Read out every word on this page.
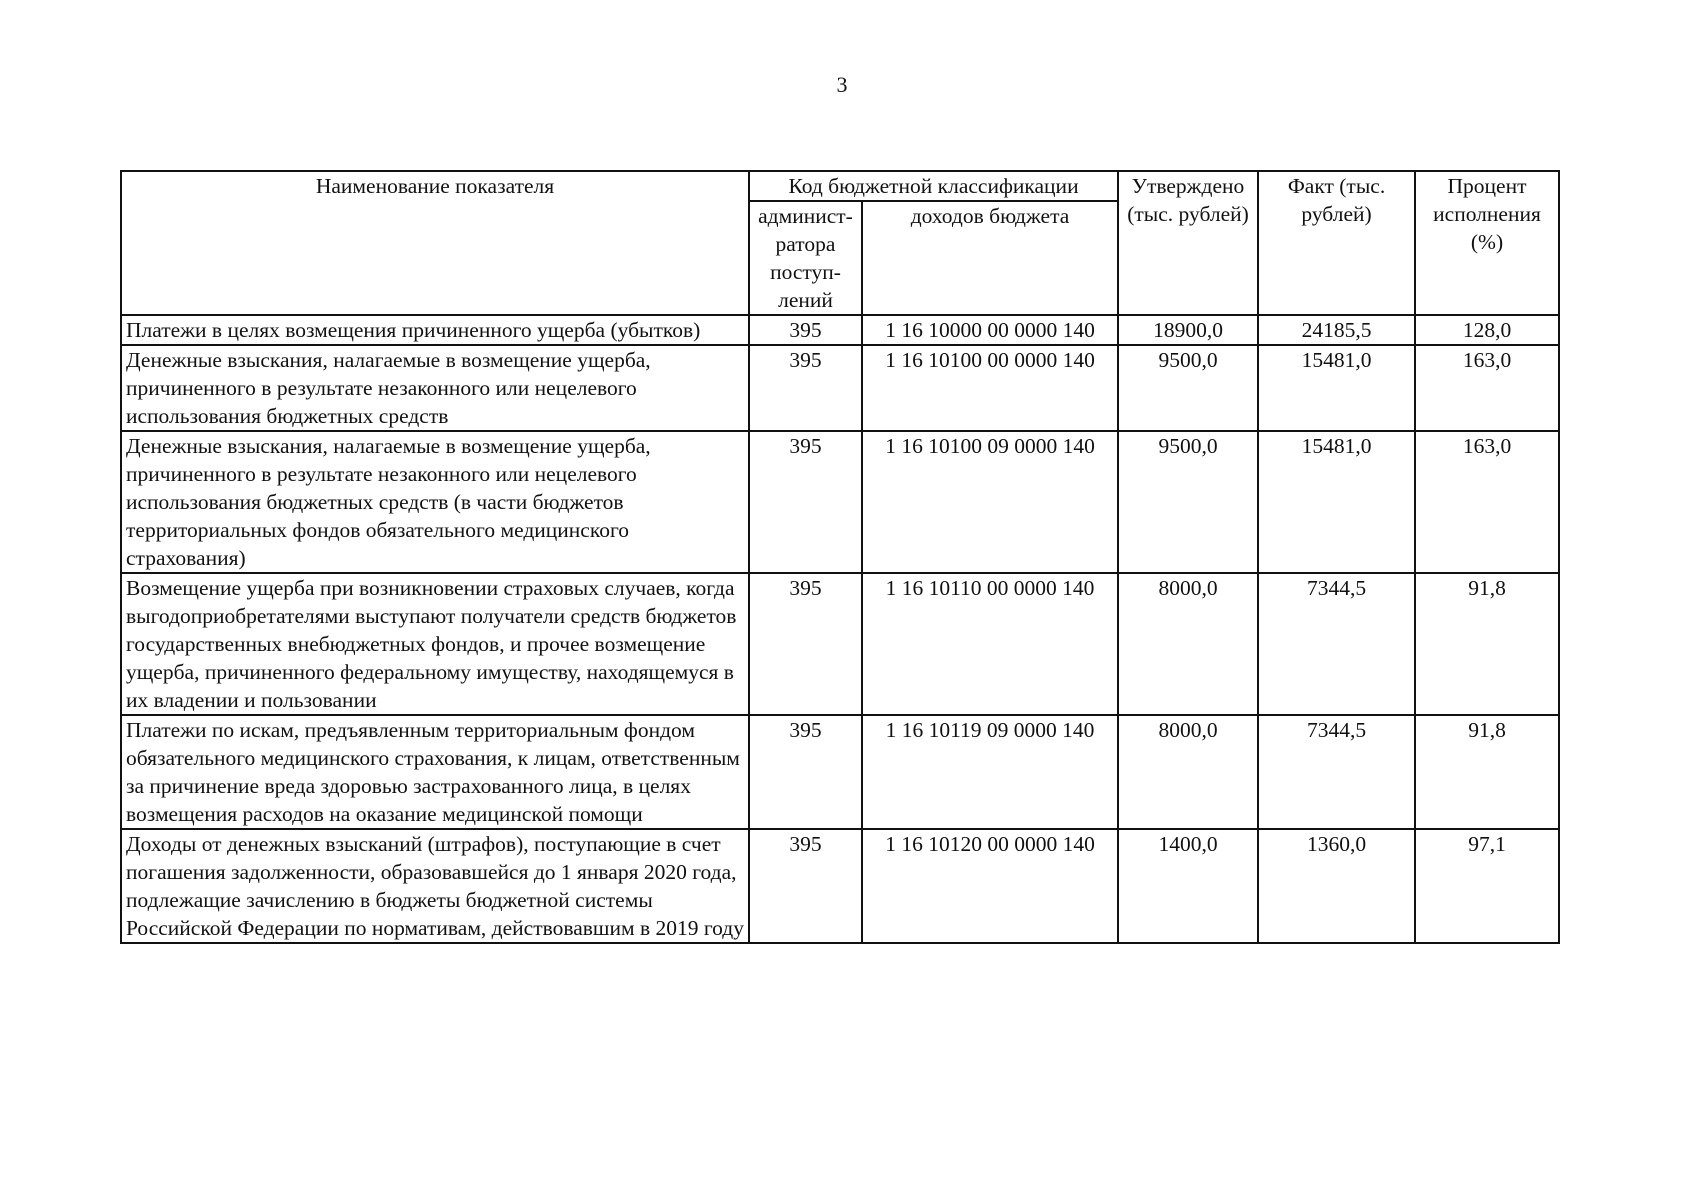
3
Наименование показателя	Код бюджетной классификации		Утверждено (тыс. рублей)	Факт (тыс. рублей)	Процент исполнения (%)
	админист-ратора поступ-лений	доходов бюджета			
Платежи в целях возмещения причиненного ущерба (убытков)	395	1 16 10000 00 0000 140	18900,0	24185,5	128,0
Денежные взыскания, налагаемые в возмещение ущерба, причиненного в результате незаконного или нецелевого использования бюджетных средств	395	1 16 10100 00 0000 140	9500,0	15481,0	163,0
Денежные взыскания, налагаемые в возмещение ущерба, причиненного в результате незаконного или нецелевого использования бюджетных средств (в части бюджетов территориальных фондов обязательного медицинского страхования)	395	1 16 10100 09 0000 140	9500,0	15481,0	163,0
Возмещение ущерба при возникновении страховых случаев, когда выгодоприобретателями выступают получатели средств бюджетов государственных внебюджетных фондов, и прочее возмещение ущерба, причиненного федеральному имуществу, находящемуся в их владении и пользовании	395	1 16 10110 00 0000 140	8000,0	7344,5	91,8
Платежи по искам, предъявленным территориальным фондом обязательного медицинского страхования, к лицам, ответственным за причинение вреда здоровью застрахованного лица, в целях возмещения расходов на оказание медицинской помощи	395	1 16 10119 09 0000 140	8000,0	7344,5	91,8
Доходы от денежных взысканий (штрафов), поступающие в счет погашения задолженности, образовавшейся до 1 января 2020 года, подлежащие зачислению в бюджеты бюджетной системы Российской Федерации по нормативам, действовавшим в 2019 году	395	1 16 10120 00 0000 140	1400,0	1360,0	97,1
